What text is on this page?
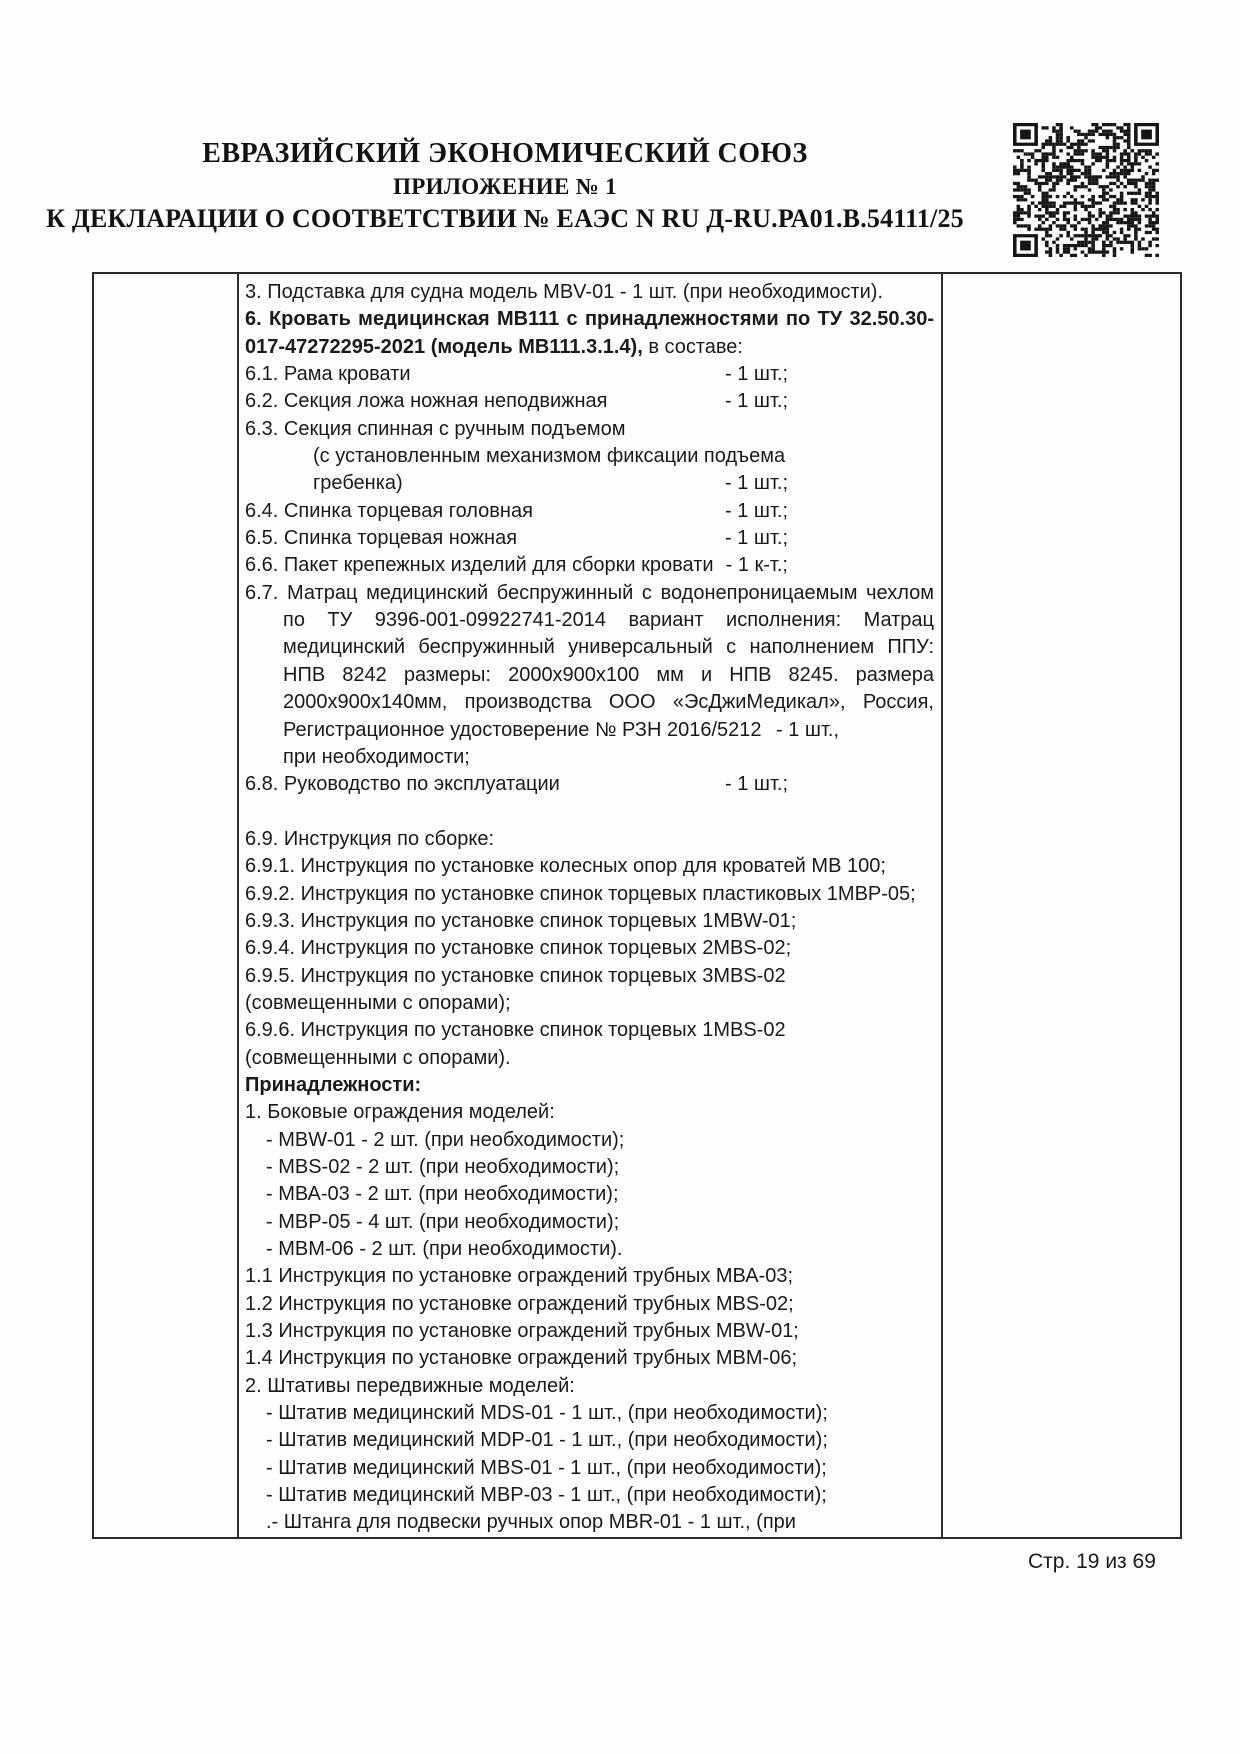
ЕВРАЗИЙСКИЙ ЭКОНОМИЧЕСКИЙ СОЮЗ
ПРИЛОЖЕНИЕ № 1
К ДЕКЛАРАЦИИ О СООТВЕТСТВИИ № ЕАЭС N RU Д-RU.РА01.В.54111/25
3. Подставка для судна модель MBV-01 - 1 шт. (при необходимости).
6. Кровать медицинская МВ111 с принадлежностями по ТУ 32.50.30-
017-47272295-2021 (модель МВ111.3.1.4), в составе:
6.1. Рама кровати	- 1 шт.;
6.2. Секция ложа ножная неподвижная	- 1 шт.;
6.3. Секция спинная с ручным подъемом
(с установленным механизмом фиксации подъема
гребенка)	- 1 шт.;
6.4. Спинка торцевая головная	- 1 шт.;
6.5. Спинка торцевая ножная	- 1 шт.;
6.6. Пакет крепежных изделий для сборки кровати - 1 к-т.;
6.7. Матрац медицинский беспружинный с водонепроницаемым чехлом
по ТУ 9396-001-09922741-2014 вариант исполнения: Матрац
медицинский беспружинный универсальный с наполнением ППУ:
НПВ 8242 размеры: 2000х900х100 мм и НПВ 8245. размера
2000х900х140мм, производства ООО «ЭсДжиМедикал», Россия,
Регистрационное удостоверение № РЗН 2016/5212 - 1 шт.,
при необходимости;
6.8. Руководство по эксплуатации	- 1 шт.;
6.9. Инструкция по сборке:
6.9.1. Инструкция по установке колесных опор для кроватей МВ 100;
6.9.2. Инструкция по установке спинок торцевых пластиковых 1МВР-05;
6.9.3. Инструкция по установке спинок торцевых 1MBW-01;
6.9.4. Инструкция по установке спинок торцевых 2MBS-02;
6.9.5. Инструкция по установке спинок торцевых 3MBS-02
(совмещенными с опорами);
6.9.6. Инструкция по установке спинок торцевых 1MBS-02
(совмещенными с опорами).
Принадлежности:
1. Боковые ограждения моделей:
- MBW-01 - 2 шт. (при необходимости);
- MBS-02 - 2 шт. (при необходимости);
- МВА-03 - 2 шт. (при необходимости);
- МВР-05 - 4 шт. (при необходимости);
- МВМ-06 - 2 шт. (при необходимости).
1.1 Инструкция по установке ограждений трубных МВА-03;
1.2 Инструкция по установке ограждений трубных MBS-02;
1.3 Инструкция по установке ограждений трубных MBW-01;
1.4 Инструкция по установке ограждений трубных МВМ-06;
2. Штативы передвижные моделей:
- Штатив медицинский MDS-01 - 1 шт., (при необходимости);
- Штатив медицинский MDP-01 - 1 шт., (при необходимости);
- Штатив медицинский MBS-01 - 1 шт., (при необходимости);
- Штатив медицинский МВР-03 - 1 шт., (при необходимости);
.- Штанга для подвески ручных опор MBR-01 - 1 шт., (при
Стр. 19 из 69
